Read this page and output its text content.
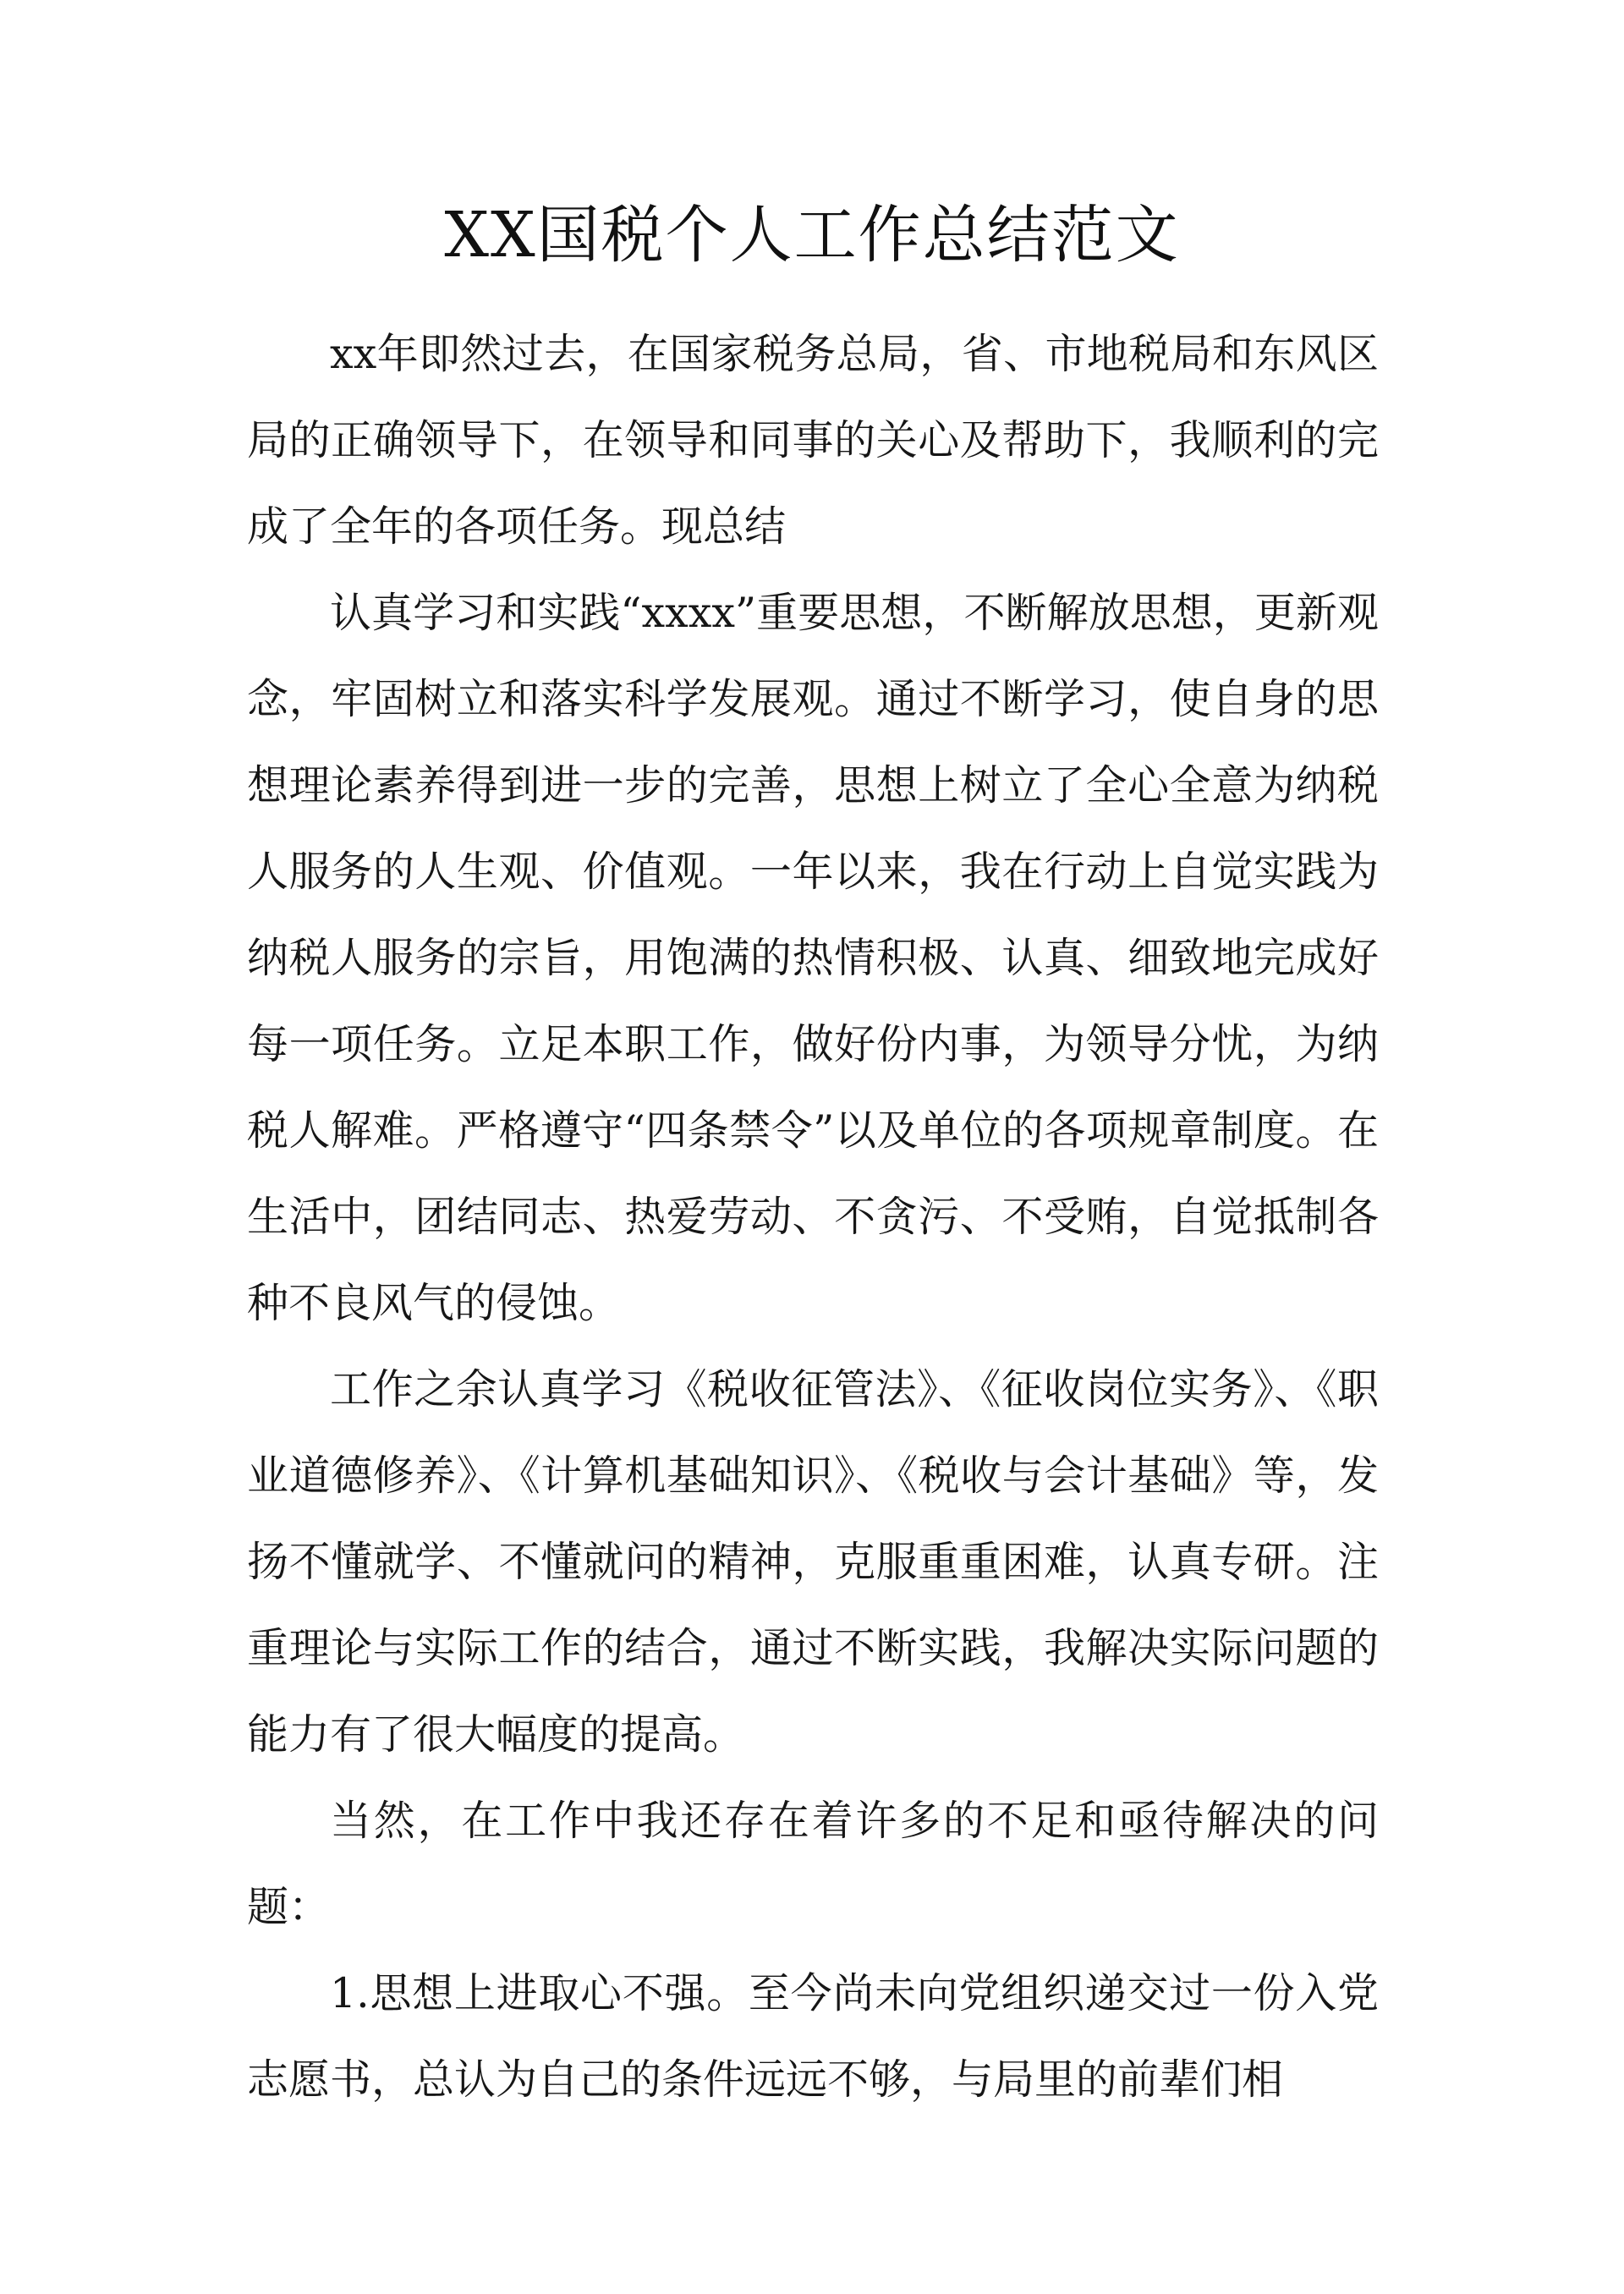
XX国税个人工作总结范文

xx年即然过去，在国家税务总局，省、市地税局和东风区局的正确领导下，在领导和同事的关心及帮助下，我顺利的完成了全年的各项任务。现总结

认真学习和实践“xxxx”重要思想，不断解放思想，更新观念，牢固树立和落实科学发展观。通过不断学习，使自身的思想理论素养得到进一步的完善，思想上树立了全心全意为纳税人服务的人生观、价值观。一年以来，我在行动上自觉实践为纳税人服务的宗旨，用饱满的热情积极、认真、细致地完成好每一项任务。立足本职工作，做好份内事，为领导分忧，为纳税人解难。严格遵守“四条禁令”以及单位的各项规章制度。在生活中，团结同志、热爱劳动、不贪污、不受贿，自觉抵制各种不良风气的侵蚀。

工作之余认真学习《税收征管法》、《征收岗位实务》、《职业道德修养》、《计算机基础知识》、《税收与会计基础》等，发扬不懂就学、不懂就问的精神，克服重重困难，认真专研。注重理论与实际工作的结合，通过不断实践，我解决实际问题的能力有了很大幅度的提高。

当然，在工作中我还存在着许多的不足和亟待解决的问题：

1.思想上进取心不强。至今尚未向党组织递交过一份入党志愿书，总认为自己的条件远远不够，与局里的前辈们相
